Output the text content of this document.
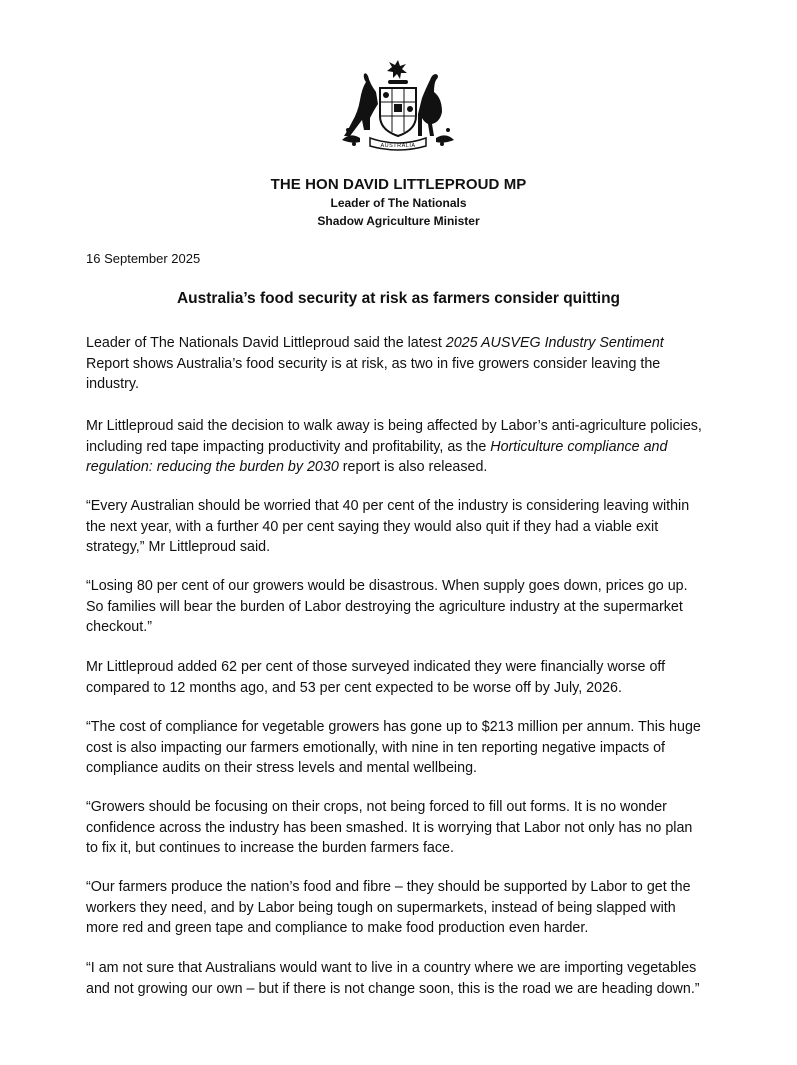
AUSTRALIA
THE HON DAVID LITTLEPROUD MP
Leader of The Nationals
Shadow Agriculture Minister
16 September 2025
Australia’s food security at risk as farmers consider quitting

Leader of The Nationals David Littleproud said the latest 2025 AUSVEG Industry Sentiment Report shows Australia’s food security is at risk, as two in five growers consider leaving the industry.

Mr Littleproud said the decision to walk away is being affected by Labor’s anti-agriculture policies, including red tape impacting productivity and profitability, as the Horticulture compliance and regulation: reducing the burden by 2030 report is also released.

“Every Australian should be worried that 40 per cent of the industry is considering leaving within the next year, with a further 40 per cent saying they would also quit if they had a viable exit strategy,” Mr Littleproud said.

“Losing 80 per cent of our growers would be disastrous. When supply goes down, prices go up. So families will bear the burden of Labor destroying the agriculture industry at the supermarket checkout.”

Mr Littleproud added 62 per cent of those surveyed indicated they were financially worse off compared to 12 months ago, and 53 per cent expected to be worse off by July, 2026.

“The cost of compliance for vegetable growers has gone up to $213 million per annum. This huge cost is also impacting our farmers emotionally, with nine in ten reporting negative impacts of compliance audits on their stress levels and mental wellbeing.

“Growers should be focusing on their crops, not being forced to fill out forms. It is no wonder confidence across the industry has been smashed. It is worrying that Labor not only has no plan to fix it, but continues to increase the burden farmers face.

“Our farmers produce the nation’s food and fibre – they should be supported by Labor to get the workers they need, and by Labor being tough on supermarkets, instead of being slapped with more red and green tape and compliance to make food production even harder.

“I am not sure that Australians would want to live in a country where we are importing vegetables and not growing our own – but if there is not change soon, this is the road we are heading down.”
